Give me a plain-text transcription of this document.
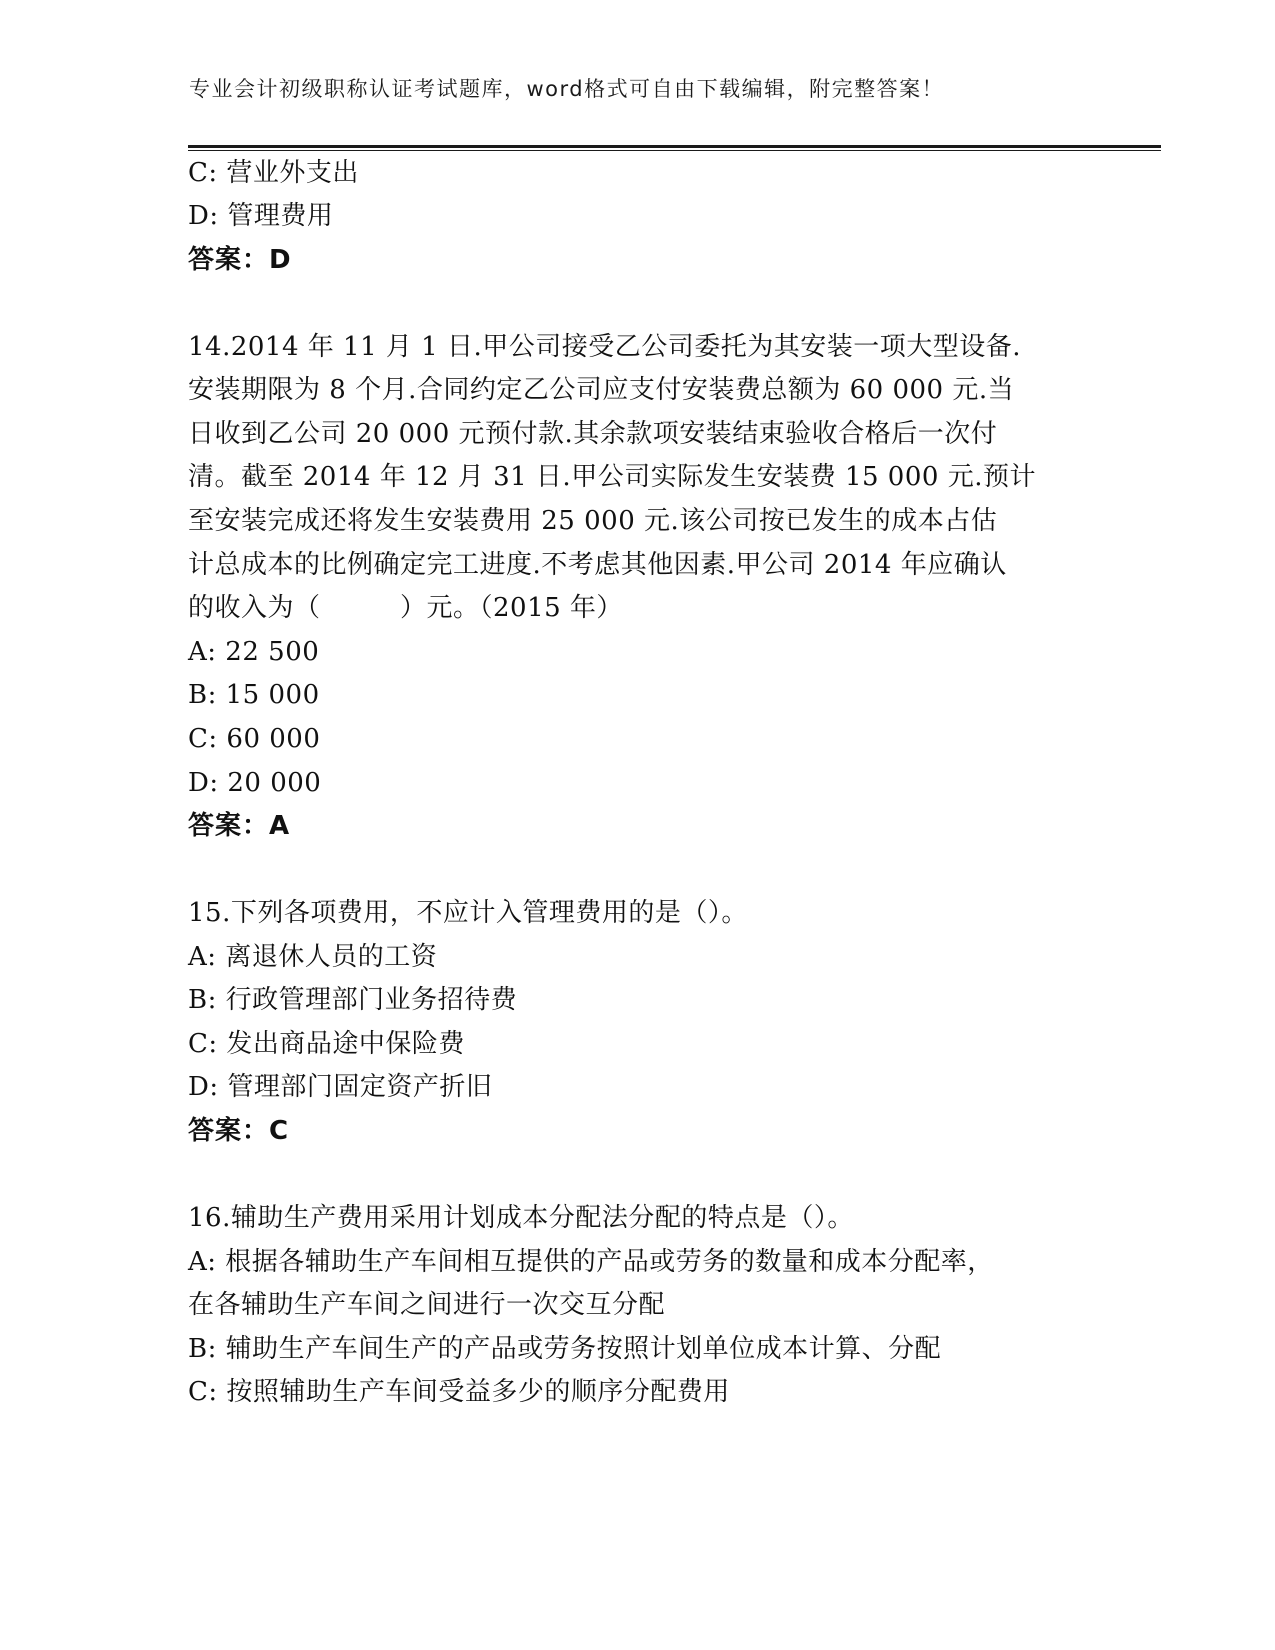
专业会计初级职称认证考试题库，word格式可自由下载编辑，附完整答案！
C: 营业外支出
D: 管理费用
答案：D
14.2014 年 11 月 1 日.甲公司接受乙公司委托为其安装一项大型设备.
安装期限为 8 个月.合同约定乙公司应支付安装费总额为 60 000 元.当
日收到乙公司 20 000 元预付款.其余款项安装结束验收合格后一次付
清。截至 2014 年 12 月 31 日.甲公司实际发生安装费 15 000 元.预计
至安装完成还将发生安装费用 25 000 元.该公司按已发生的成本占估
计总成本的比例确定完工进度.不考虑其他因素.甲公司 2014 年应确认
的收入为（　　　）元。（2015 年）
A: 22 500
B: 15 000
C: 60 000
D: 20 000
答案：A
15.下列各项费用，不应计入管理费用的是（）。
A: 离退休人员的工资
B: 行政管理部门业务招待费
C: 发出商品途中保险费
D: 管理部门固定资产折旧
答案：C
16.辅助生产费用采用计划成本分配法分配的特点是（）。
A: 根据各辅助生产车间相互提供的产品或劳务的数量和成本分配率，
在各辅助生产车间之间进行一次交互分配
B: 辅助生产车间生产的产品或劳务按照计划单位成本计算、分配
C: 按照辅助生产车间受益多少的顺序分配费用
